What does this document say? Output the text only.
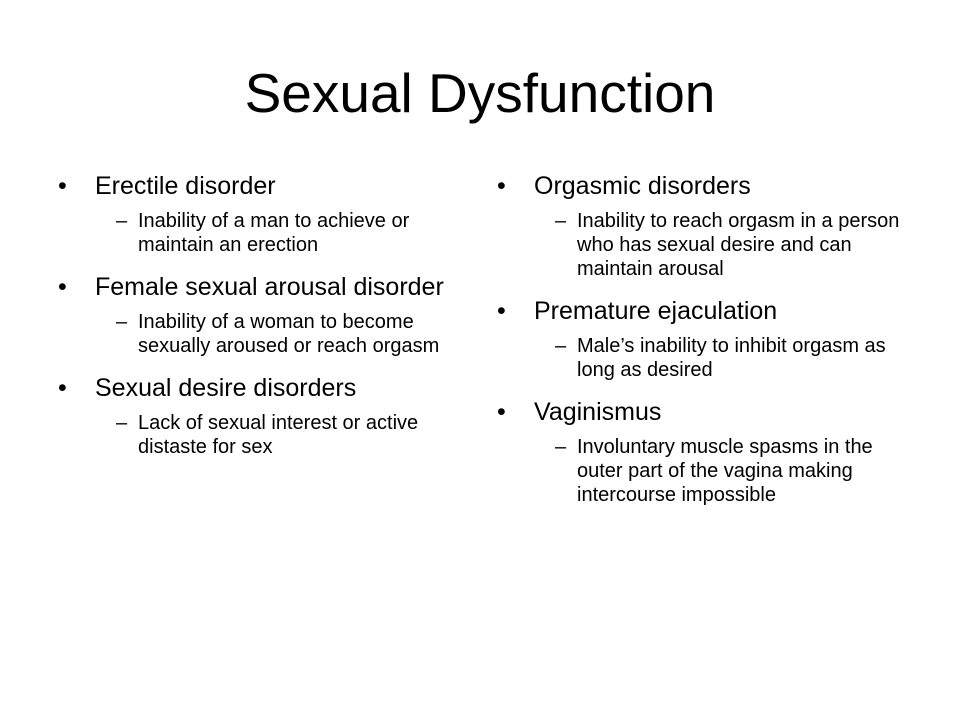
Sexual Dysfunction
•	Erectile disorder
– Inability of a man to achieve or maintain an erection
•	Female sexual arousal disorder
– Inability of a woman to become sexually aroused or reach orgasm
•	Sexual desire disorders
– Lack of sexual interest or active distaste for sex
•	Orgasmic disorders
– Inability to reach orgasm in a person who has sexual desire and can maintain arousal
•	Premature ejaculation
– Male’s inability to inhibit orgasm as long as desired
•	Vaginismus
– Involuntary muscle spasms in the outer part of the vagina making intercourse impossible
